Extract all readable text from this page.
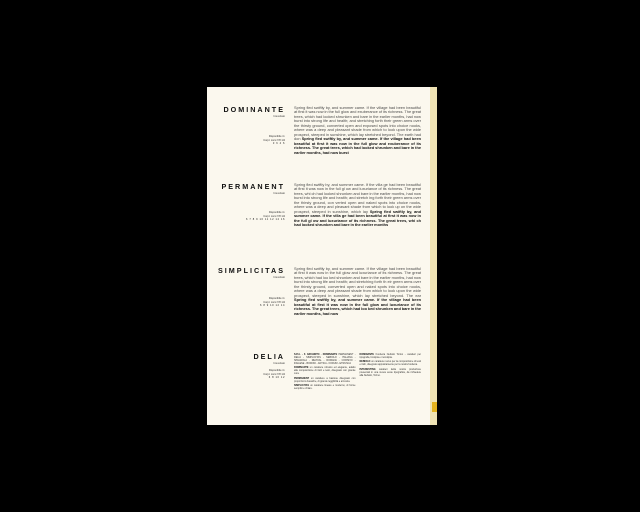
DOMINANTE
brevettato
Disponibile in:
Corpi: corsi 7/8 1/4
3 6 4 6
Spring fled swiftly by, and summer came. If the village had been beautiful at first it was now in the full glow and exuberance of its richness. The great trees, which had looked shrunken and bare in the earlier months, had now burst into strong life and health; and stretching forth their green arms over the thirsty ground, converted open and exposed spots into choice nooks, where was a deep and pleasant shade from which to look upon the wide prospect, steeped in sunshine, which lay stretched beyond. The earth had don Spring fled swiftly by, and summer came. If the village had been beautiful at first it was now in the full glow and exuberance of its richness. The great trees, which had looked shrunken and bare in the earlier months, had now burst
PERMANENT
brevettato
Disponibile in:
Corpi: corsi 7/8 1/4
6 7 8 9 10 11 12 14 16
Spring fled swiftly by, and summer came. If the villa ge had been beautiful at first it was now in the full gl ow and luxuriance of its richness. The great trees, whi ch had looked shrunken and bare in the earlier months, had now burst into strong life and health; and stretch ing forth their green arms over the thirsty ground, con verted open and naked spots into choice nooks, where was a deep and pleasant shade from which to look up on the wide prospect, steeped in sunshine, which lay Spring fled swiftly by, and summer came. If the villa ge had been beautiful at first it was now in the full gl ow and luxuriance of its richness. The great trees, whi ch had looked shrunken and bare in the earlier months
SIMPLICITAS
brevettato
Disponibile in:
Corpi: corsi 7/8 1/4
6 8 9 10 12 14
Spring fled swiftly by, and summer came. If the village had been beautiful at first it was now in the full glow and luxuriance of its richness. The great trees, which had loo ked shrunken and bare in the earlier months, had now burst into strong life and health; and stretching forth th eir green arms over the thirsty ground, converted open and naked spots into choice nooks, where was a deep and pleasant shade from which to look upon the wide prospect, steeped in sunshine, which lay stretched beyond. The ear Spring fled swiftly by, and summer came. If the village had been beautiful at first it was now in the full glow and luxuriance of its richness. The great trees, which had loo ked shrunken and bare in the earlier months, had now
DELIA
brevettato
Disponibile in:
Corpi: corsi 7/8 1/4
6 8 10 12

S.P.A. - F. ARCHINTO - DOMINANTE PERMANENT - DELIA - SIMPLICITAS - NEBIOLO - ITALIANA - SPAGNOLA - REVIVAL - ROMANA - CORSIVO - INGLESE - BODONI - ANTICA - FORUM - ETRUSCA

DOMINANTE un carattere robusto ed elegante, adatto alla composizione di titoli e testi, disegnato con grande cura.

PERMANENT un carattere a bastone disegnato con proporzioni classiche, di grande leggibilità e armonia.

SIMPLICITAS un carattere lineare e moderno, di forme semplici e chiare.

DOMINANTE Fonderia Nebiolo Torino - caratteri per tipografia, linotipia e monotipia.

NEBIOLO un carattere nuovo per la composizione di testi e titoli, disegnato appositamente per la nostra fonderia.

INTERESTING caratteri della nostra produzione presentati in una nuova veste tipografica, da richiedere alla Nebiolo, Torino.
